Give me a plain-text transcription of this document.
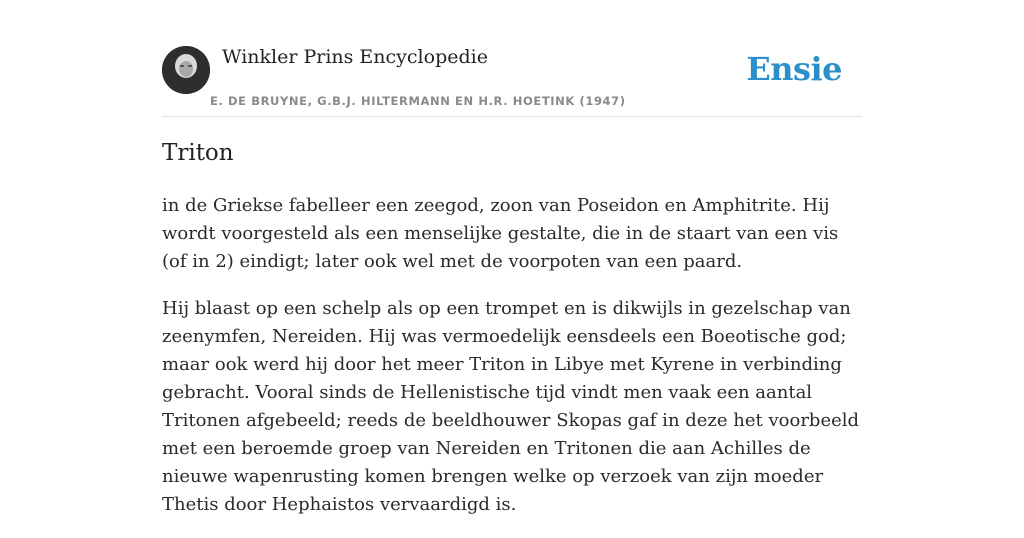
Winkler Prins Encyclopedie
E. DE BRUYNE, G.B.J. HILTERMANN EN H.R. HOETINK (1947)
Ensie
Triton

in de Griekse fabelleer een zeegod, zoon van Poseidon en Amphitrite. Hij wordt voorgesteld als een menselijke gestalte, die in de staart van een vis (of in 2) eindigt; later ook wel met de voorpoten van een paard.

Hij blaast op een schelp als op een trompet en is dikwijls in gezelschap van zeenymfen, Nereiden. Hij was vermoedelijk eensdeels een Boeotische god; maar ook werd hij door het meer Triton in Libye met Kyrene in verbinding gebracht. Vooral sinds de Hellenistische tijd vindt men vaak een aantal Tritonen afgebeeld; reeds de beeldhouwer Skopas gaf in deze het voorbeeld met een beroemde groep van Nereiden en Tritonen die aan Achilles de nieuwe wapenrusting komen brengen welke op verzoek van zijn moeder Thetis door Hephaistos vervaardigd is.
